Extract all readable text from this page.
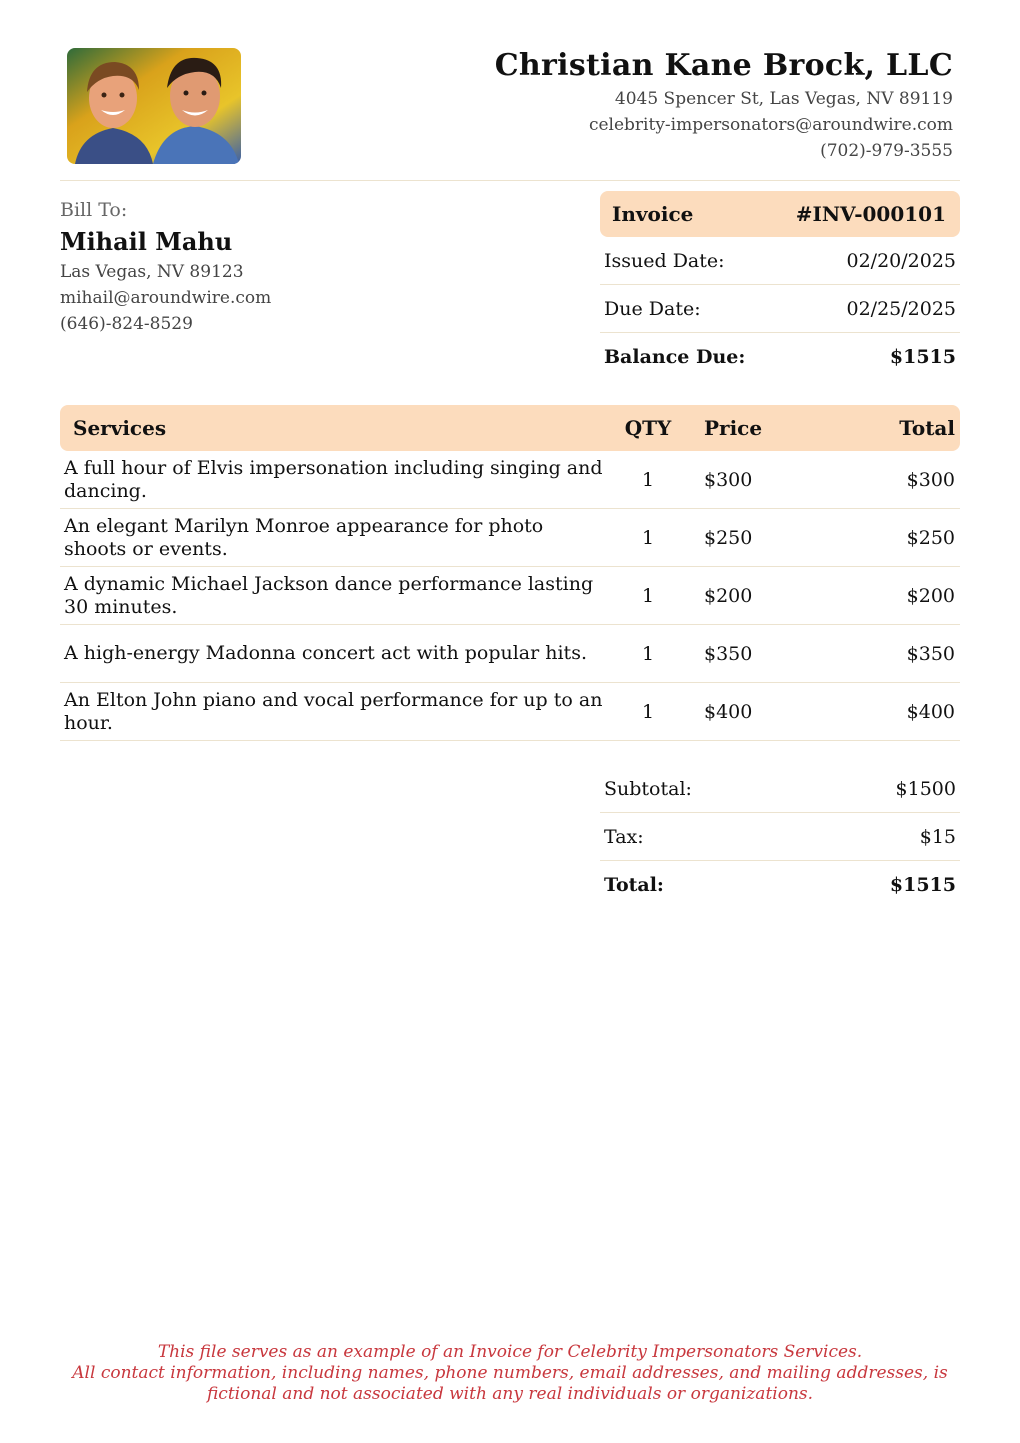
Christian Kane Brock, LLC
4045 Spencer St, Las Vegas, NV 89119
celebrity-impersonators@aroundwire.com
(702)-979-3555
Bill To:
Mihail Mahu
Las Vegas, NV 89123
mihail@aroundwire.com
(646)-824-8529
Invoice	#INV-000101
Issued Date:	02/20/2025
Due Date:	02/25/2025
Balance Due:	$1515
Services	QTY	Price	Total
A full hour of Elvis impersonation including singing and dancing.	1	$300	$300
An elegant Marilyn Monroe appearance for photo shoots or events.	1	$250	$250
A dynamic Michael Jackson dance performance lasting 30 minutes.	1	$200	$200
A high-energy Madonna concert act with popular hits.	1	$350	$350
An Elton John piano and vocal performance for up to an hour.	1	$400	$400
Subtotal:	$1500
Tax:	$15
Total:	$1515
This file serves as an example of an Invoice for Celebrity Impersonators Services.
All contact information, including names, phone numbers, email addresses, and mailing addresses, is
fictional and not associated with any real individuals or organizations.
